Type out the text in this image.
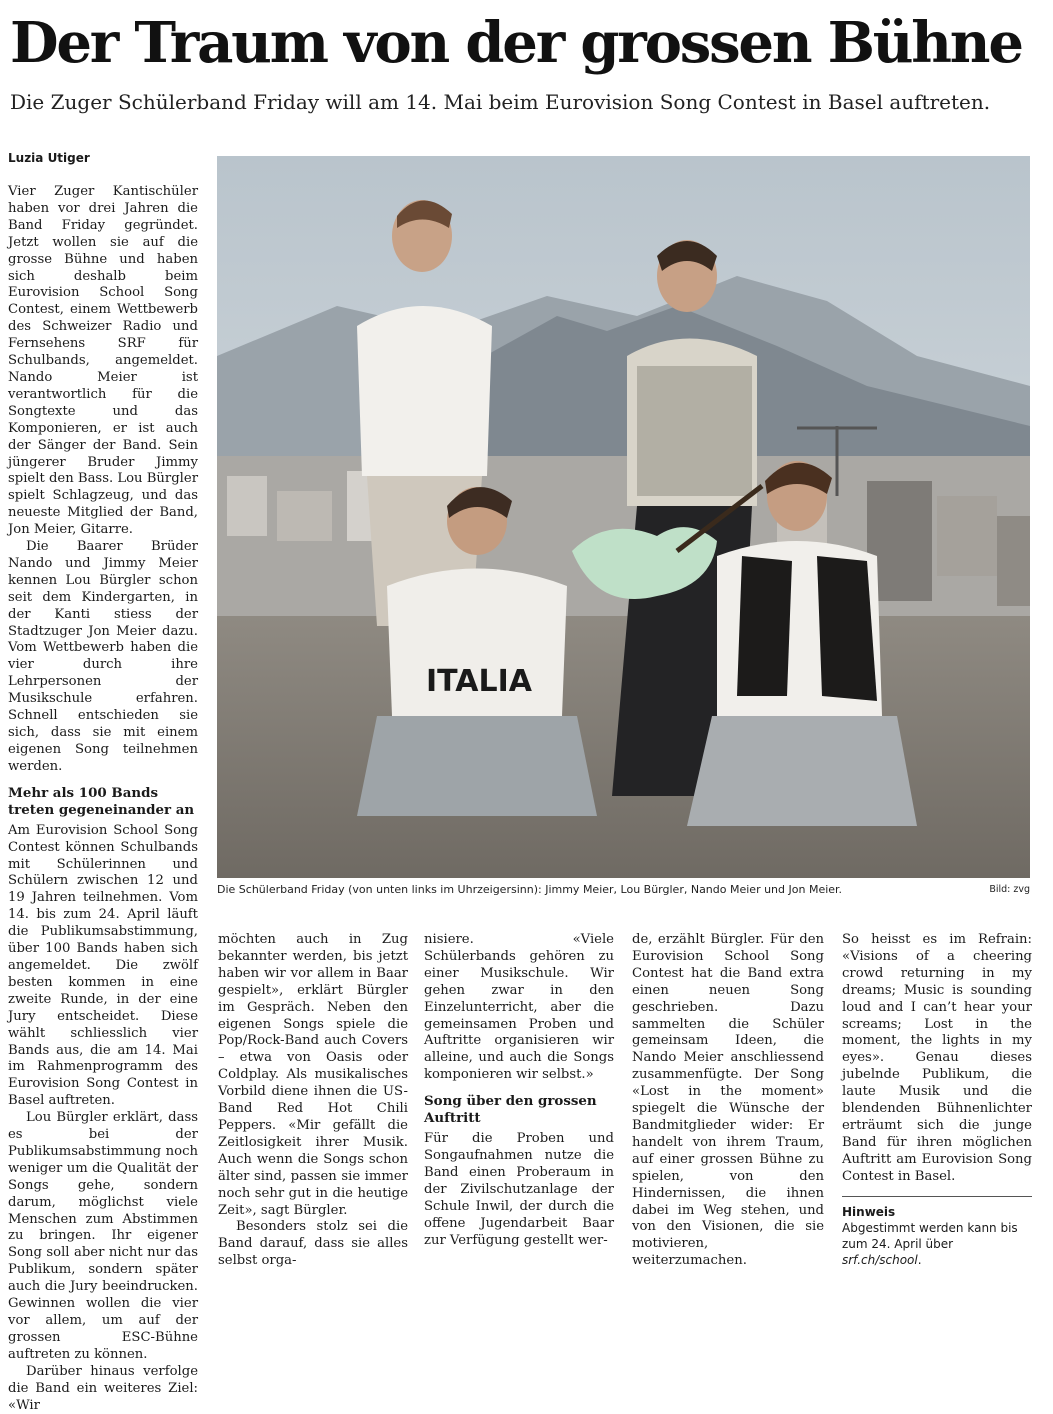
Der Traum von der grossen Bühne
Die Zuger Schülerband Friday will am 14. Mai beim Eurovision Song Contest in Basel auftreten.
Luzia Utiger

Vier Zuger Kantischüler haben vor drei Jahren die Band Friday gegründet. Jetzt wollen sie auf die grosse Bühne und haben sich deshalb beim Eurovision School Song Contest, einem Wettbewerb des Schweizer Radio und Fernsehens SRF für Schulbands, angemeldet. Nando Meier ist verantwortlich für die Songtexte und das Komponieren, er ist auch der Sänger der Band. Sein jüngerer Bruder Jimmy spielt den Bass. Lou Bürgler spielt Schlagzeug, und das neueste Mitglied der Band, Jon Meier, Gitarre.

Die Baarer Brüder Nando und Jimmy Meier kennen Lou Bürgler schon seit dem Kindergarten, in der Kanti stiess der Stadtzuger Jon Meier dazu. Vom Wettbewerb haben die vier durch ihre Lehrpersonen der Musikschule erfahren. Schnell entschieden sie sich, dass sie mit einem eigenen Song teilnehmen werden.

Mehr als 100 Bands treten gegeneinander an

Am Eurovision School Song Contest können Schulbands mit Schülerinnen und Schülern zwischen 12 und 19 Jahren teilnehmen. Vom 14. bis zum 24. April läuft die Publikumsabstimmung, über 100 Bands haben sich angemeldet. Die zwölf besten kommen in eine zweite Runde, in der eine Jury entscheidet. Diese wählt schliesslich vier Bands aus, die am 14. Mai im Rahmenprogramm des Eurovision Song Contest in Basel auftreten.

Lou Bürgler erklärt, dass es bei der Publikumsabstimmung noch weniger um die Qualität der Songs gehe, sondern darum, möglichst viele Menschen zum Abstimmen zu bringen. Ihr eigener Song soll aber nicht nur das Publikum, sondern später auch die Jury beeindrucken. Gewinnen wollen die vier vor allem, um auf der grossen ESC-Bühne auftreten zu können.

Darüber hinaus verfolge die Band ein weiteres Ziel: «Wir

ITALIA
Die Schülerband Friday (von unten links im Uhrzeigersinn): Jimmy Meier, Lou Bürgler, Nando Meier und Jon Meier.	Bild: zvg

möchten auch in Zug bekannter werden, bis jetzt haben wir vor allem in Baar gespielt», erklärt Bürgler im Gespräch. Neben den eigenen Songs spiele die Pop/Rock-Band auch Covers – etwa von Oasis oder Coldplay. Als musikalisches Vorbild diene ihnen die US-Band Red Hot Chili Peppers. «Mir gefällt die Zeitlosigkeit ihrer Musik. Auch wenn die Songs schon älter sind, passen sie immer noch sehr gut in die heutige Zeit», sagt Bürgler.

Besonders stolz sei die Band darauf, dass sie alles selbst orga-

nisiere. «Viele Schülerbands gehören zu einer Musikschule. Wir gehen zwar in den Einzelunterricht, aber die gemeinsamen Proben und Auftritte organisieren wir alleine, und auch die Songs komponieren wir selbst.»

Song über den grossen Auftritt

Für die Proben und Songaufnahmen nutze die Band einen Proberaum in der Zivilschutzanlage der Schule Inwil, der durch die offene Jugendarbeit Baar zur Verfügung gestellt wer-

de, erzählt Bürgler. Für den Eurovision School Song Contest hat die Band extra einen neuen Song geschrieben. Dazu sammelten die Schüler gemeinsam Ideen, die Nando Meier anschliessend zusammenfügte. Der Song «Lost in the moment» spiegelt die Wünsche der Bandmitglieder wider: Er handelt von ihrem Traum, auf einer grossen Bühne zu spielen, von den Hindernissen, die ihnen dabei im Weg stehen, und von den Visionen, die sie motivieren, weiterzumachen.

So heisst es im Refrain: «Visions of a cheering crowd returning in my dreams; Music is sounding loud and I can’t hear your screams; Lost in the moment, the lights in my eyes». Genau dieses jubelnde Publikum, die laute Musik und die blendenden Bühnenlichter erträumt sich die junge Band für ihren möglichen Auftritt am Eurovision Song Contest in Basel.

Hinweis
Abgestimmt werden kann bis zum 24. April über srf.ch/school.
